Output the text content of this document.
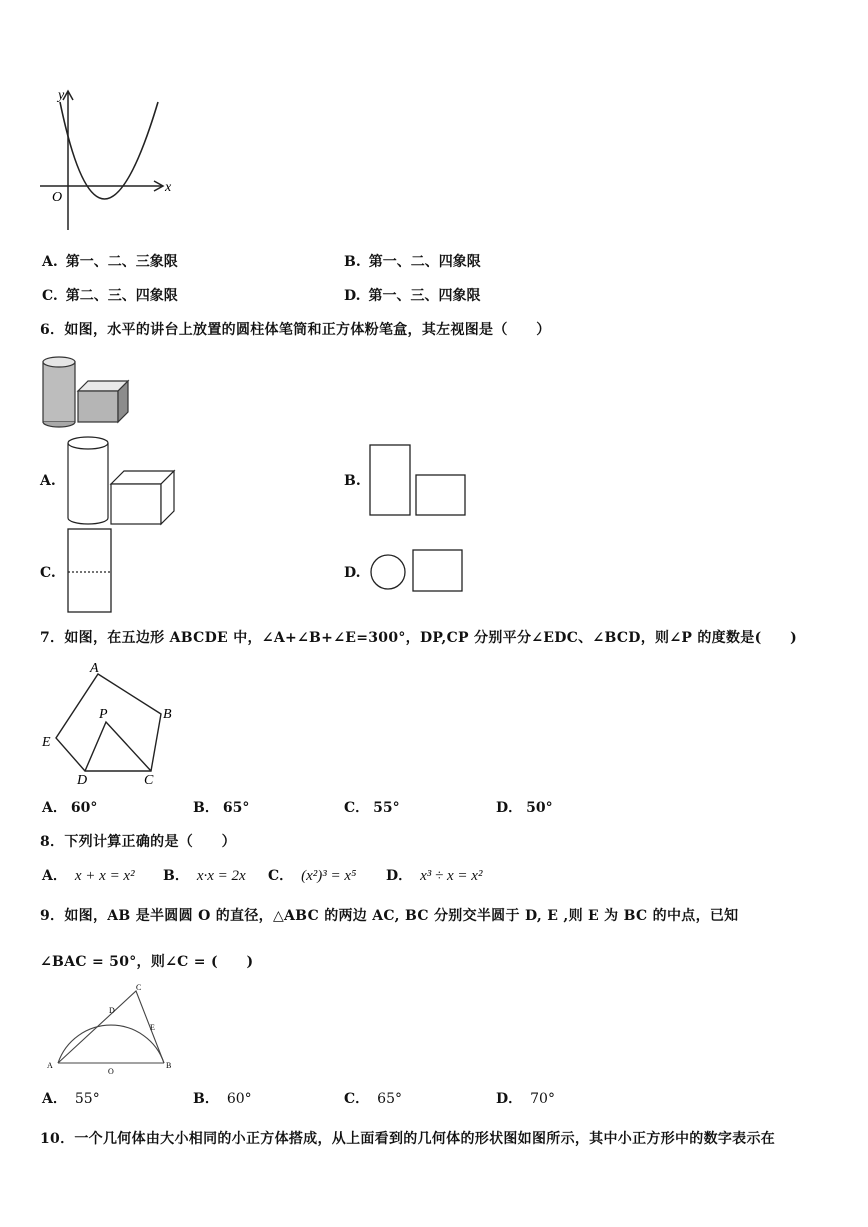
y
x
O
A. 第一、二、三象限	B. 第一、二、四象限
C. 第二、三、四象限	D. 第一、三、四象限
6．如图，水平的讲台上放置的圆柱体笔筒和正方体粉笔盒，其左视图是（　　）
A.	B.
C.	D.
7．如图，在五边形 ABCDE 中，∠A+∠B+∠E=300°，DP,CP 分别平分∠EDC、∠BCD，则∠P 的度数是(　　)
A
B
C
D
E
P
A． 60°	B． 65°	C． 55°	D． 50°
8．下列计算正确的是（　　）
A． x + x = x² B． x·x = 2x C． (x²)³ = x⁵ D． x³ ÷ x = x²
9．如图，AB 是半圆圆 O 的直径，△ABC 的两边 AC, BC 分别交半圆于 D, E ,则 E 为 BC 的中点，已知
∠BAC = 50°，则∠C = (　　)
A	B
C
D
E
O
A． 55°	B． 60°	C． 65°	D． 70°
10．一个几何体由大小相同的小正方体搭成，从上面看到的几何体的形状图如图所示，其中小正方形中的数字表示在
